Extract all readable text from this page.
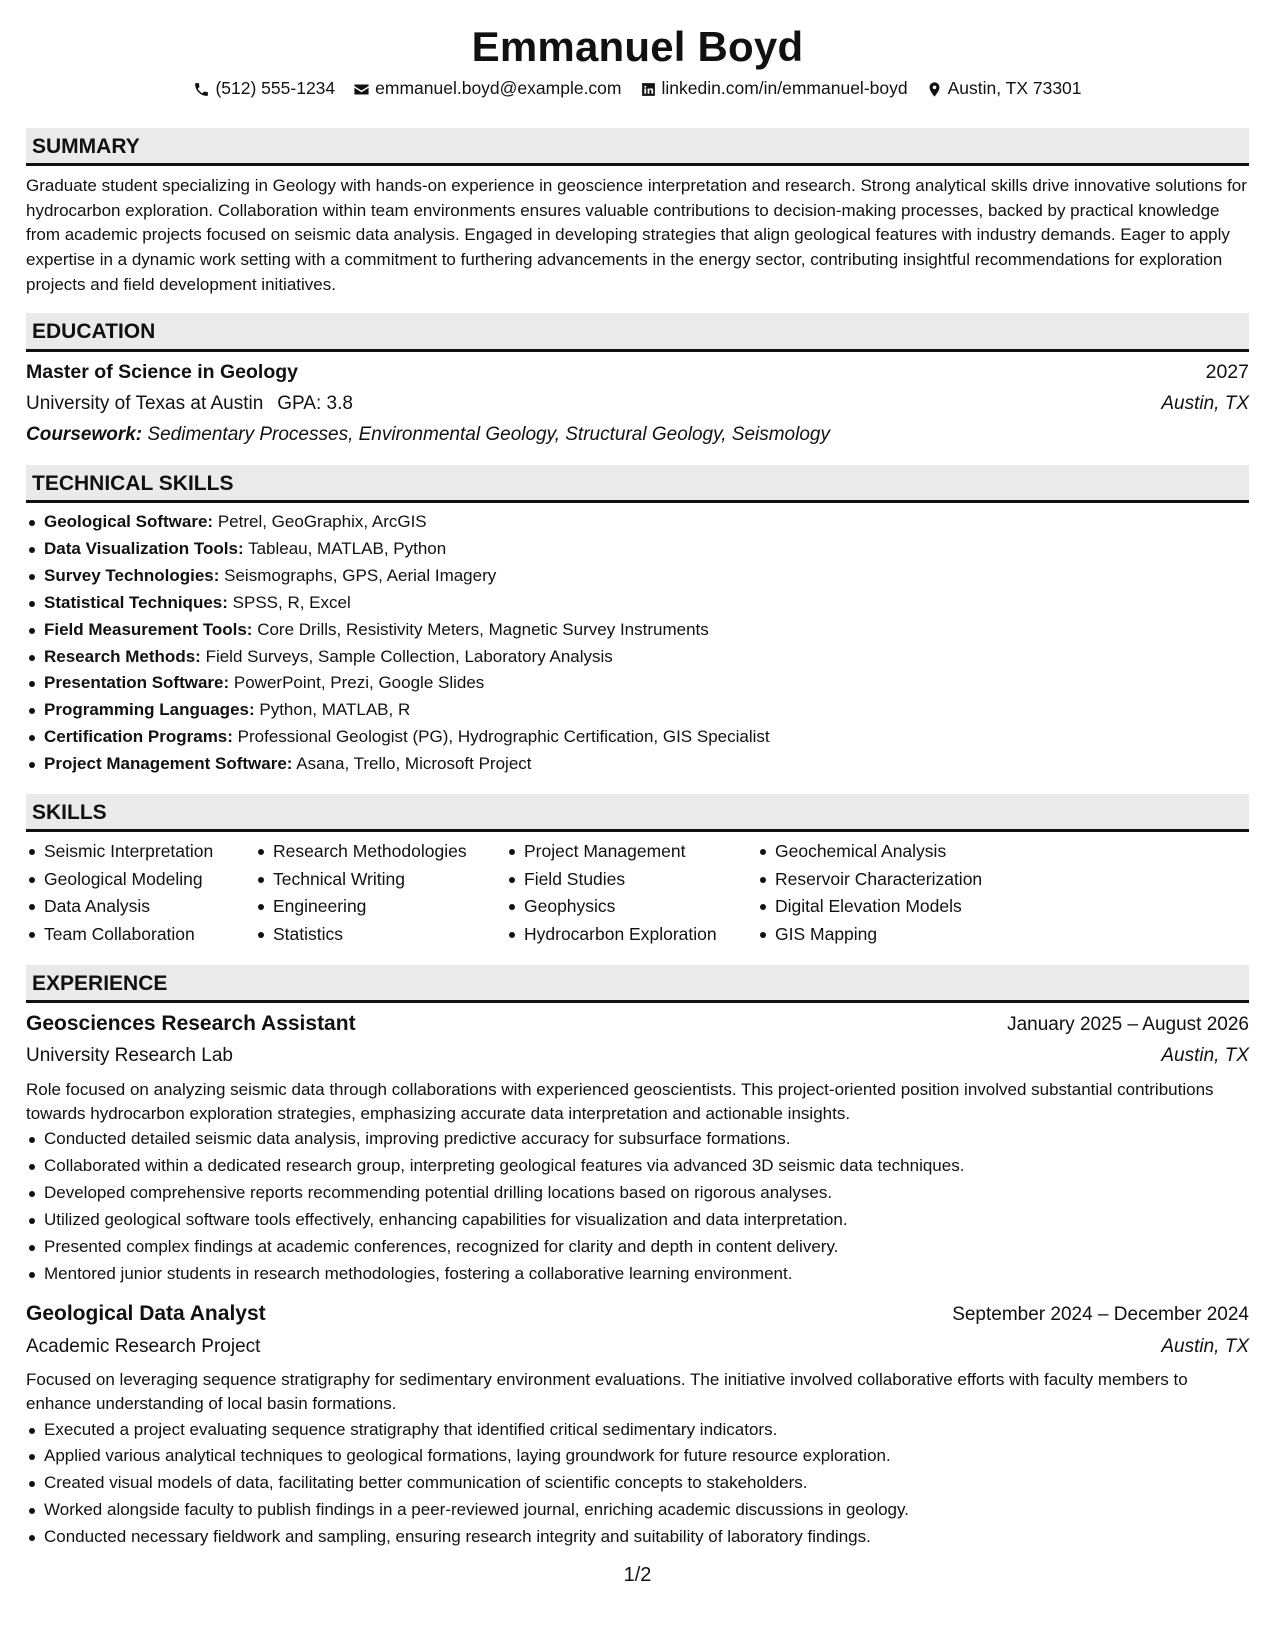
Emmanuel Boyd
(512) 555-1234 emmanuel.boyd@example.com linkedin.com/in/emmanuel-boyd Austin, TX 73301
SUMMARY

Graduate student specializing in Geology with hands-on experience in geoscience interpretation and research. Strong analytical skills drive innovative solutions for hydrocarbon exploration. Collaboration within team environments ensures valuable contributions to decision-making processes, backed by practical knowledge from academic projects focused on seismic data analysis. Engaged in developing strategies that align geological features with industry demands. Eager to apply expertise in a dynamic work setting with a commitment to furthering advancements in the energy sector, contributing insightful recommendations for exploration projects and field development initiatives.

EDUCATION
Master of Science in Geology	2027
University of Texas at Austin GPA: 3.8	Austin, TX
Coursework: Sedimentary Processes, Environmental Geology, Structural Geology, Seismology
TECHNICAL SKILLS
Geological Software: Petrel, GeoGraphix, ArcGIS
Data Visualization Tools: Tableau, MATLAB, Python
Survey Technologies: Seismographs, GPS, Aerial Imagery
Statistical Techniques: SPSS, R, Excel
Field Measurement Tools: Core Drills, Resistivity Meters, Magnetic Survey Instruments
Research Methods: Field Surveys, Sample Collection, Laboratory Analysis
Presentation Software: PowerPoint, Prezi, Google Slides
Programming Languages: Python, MATLAB, R
Certification Programs: Professional Geologist (PG), Hydrographic Certification, GIS Specialist
Project Management Software: Asana, Trello, Microsoft Project
SKILLS
Seismic Interpretation
Geological Modeling
Data Analysis
Team Collaboration
Research Methodologies
Technical Writing
Engineering
Statistics
Project Management
Field Studies
Geophysics
Hydrocarbon Exploration
Geochemical Analysis
Reservoir Characterization
Digital Elevation Models
GIS Mapping
EXPERIENCE
Geosciences Research Assistant	January 2025 – August 2026
University Research Lab	Austin, TX

Role focused on analyzing seismic data through collaborations with experienced geoscientists. This project-oriented position involved substantial contributions towards hydrocarbon exploration strategies, emphasizing accurate data interpretation and actionable insights.

Conducted detailed seismic data analysis, improving predictive accuracy for subsurface formations.
Collaborated within a dedicated research group, interpreting geological features via advanced 3D seismic data techniques.
Developed comprehensive reports recommending potential drilling locations based on rigorous analyses.
Utilized geological software tools effectively, enhancing capabilities for visualization and data interpretation.
Presented complex findings at academic conferences, recognized for clarity and depth in content delivery.
Mentored junior students in research methodologies, fostering a collaborative learning environment.
Geological Data Analyst	September 2024 – December 2024
Academic Research Project	Austin, TX

Focused on leveraging sequence stratigraphy for sedimentary environment evaluations. The initiative involved collaborative efforts with faculty members to enhance understanding of local basin formations.

Executed a project evaluating sequence stratigraphy that identified critical sedimentary indicators.
Applied various analytical techniques to geological formations, laying groundwork for future resource exploration.
Created visual models of data, facilitating better communication of scientific concepts to stakeholders.
Worked alongside faculty to publish findings in a peer-reviewed journal, enriching academic discussions in geology.
Conducted necessary fieldwork and sampling, ensuring research integrity and suitability of laboratory findings.
1/2
